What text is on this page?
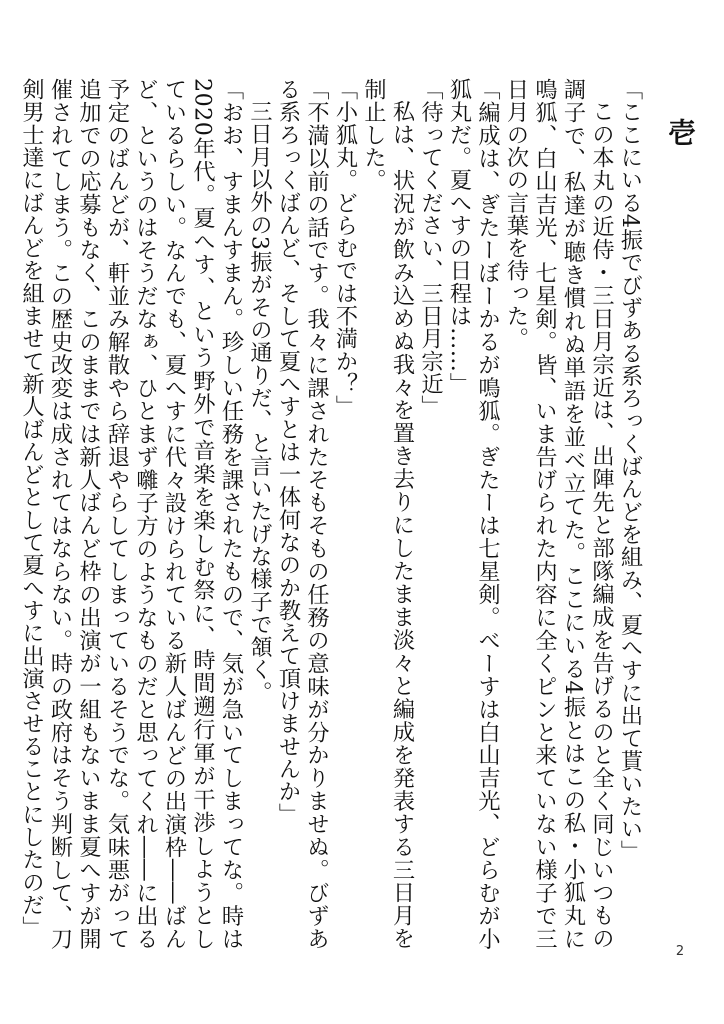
壱

「ここにいる4振でびずある系ろっくばんどを組み、夏へすに出て貰いたい」

この本丸の近侍・三日月宗近は、出陣先と部隊編成を告げるのと全く同じいつもの調子で、私達が聴き慣れぬ単語を並べ立てた。ここにいる4振とはこの私・小狐丸に鳴狐、白山吉光、七星剣。皆、いま告げられた内容に全くピンと来ていない様子で三日月の次の言葉を待った。

「編成は、ぎたーぼーかるが鳴狐。ぎたーは七星剣。べーすは白山吉光、どらむが小狐丸だ。夏へすの日程は……」

「待ってください、三日月宗近」

私は、状況が飲み込めぬ我々を置き去りにしたまま淡々と編成を発表する三日月を制止した。

「小狐丸。どらむでは不満か？」

「不満以前の話です。我々に課されたそもそもの任務の意味が分かりませぬ。びずある系ろっくばんど、そして夏へすとは一体何なのか教えて頂けませんか」

三日月以外の3振がその通りだ、と言いたげな様子で頷く。

「おお、すまんすまん。珍しい任務を課されたもので、気が急いてしまってな。時は2020年代。夏へす、という野外で音楽を楽しむ祭に、時間遡行軍が干渉しようとしているらしい。なんでも、夏へすに代々設けられている新人ばんどの出演枠――ばんど、というのはそうだなぁ、ひとまず囃子方のようなものだと思ってくれ――に出る予定のばんどが、軒並み解散やら辞退やらしてしまっているそうでな。気味悪がって追加での応募もなく、このままでは新人ばんど枠の出演が一組もないまま夏へすが開催されてしまう。この歴史改変は成されてはならない。時の政府はそう判断して、刀剣男士達にばんどを組ませて新人ばんどとして夏へすに出演させることにしたのだ」

2
